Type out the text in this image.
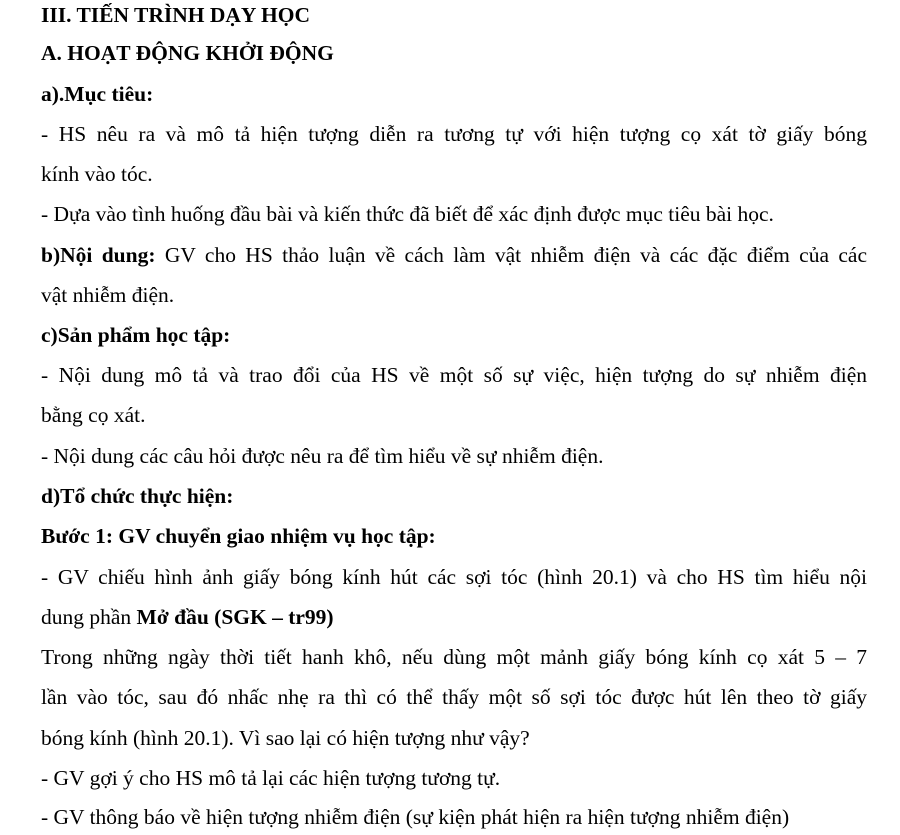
III. TIẾN TRÌNH DẠY HỌC
A. HOẠT ĐỘNG KHỞI ĐỘNG
a).Mục tiêu:
- HS nêu ra và mô tả hiện tượng diễn ra tương tự với hiện tượng cọ xát tờ giấy bóng
kính vào tóc.
- Dựa vào tình huống đầu bài và kiến thức đã biết để xác định được mục tiêu bài học.
b)Nội dung: GV cho HS thảo luận về cách làm vật nhiễm điện và các đặc điểm của các
vật nhiễm điện.
c)Sản phẩm học tập:
- Nội dung mô tả và trao đổi của HS về một số sự việc, hiện tượng do sự nhiễm điện
bằng cọ xát.
- Nội dung các câu hỏi được nêu ra để tìm hiểu về sự nhiễm điện.
d)Tổ chức thực hiện:
Bước 1: GV chuyển giao nhiệm vụ học tập:
- GV chiếu hình ảnh giấy bóng kính hút các sợi tóc (hình 20.1) và cho HS tìm hiểu nội
dung phần Mở đầu (SGK – tr99)
Trong những ngày thời tiết hanh khô, nếu dùng một mảnh giấy bóng kính cọ xát 5 – 7
lần vào tóc, sau đó nhấc nhẹ ra thì có thể thấy một số sợi tóc được hút lên theo tờ giấy
bóng kính (hình 20.1). Vì sao lại có hiện tượng như vậy?
- GV gợi ý cho HS mô tả lại các hiện tượng tương tự.
- GV thông báo về hiện tượng nhiễm điện (sự kiện phát hiện ra hiện tượng nhiễm điện)
